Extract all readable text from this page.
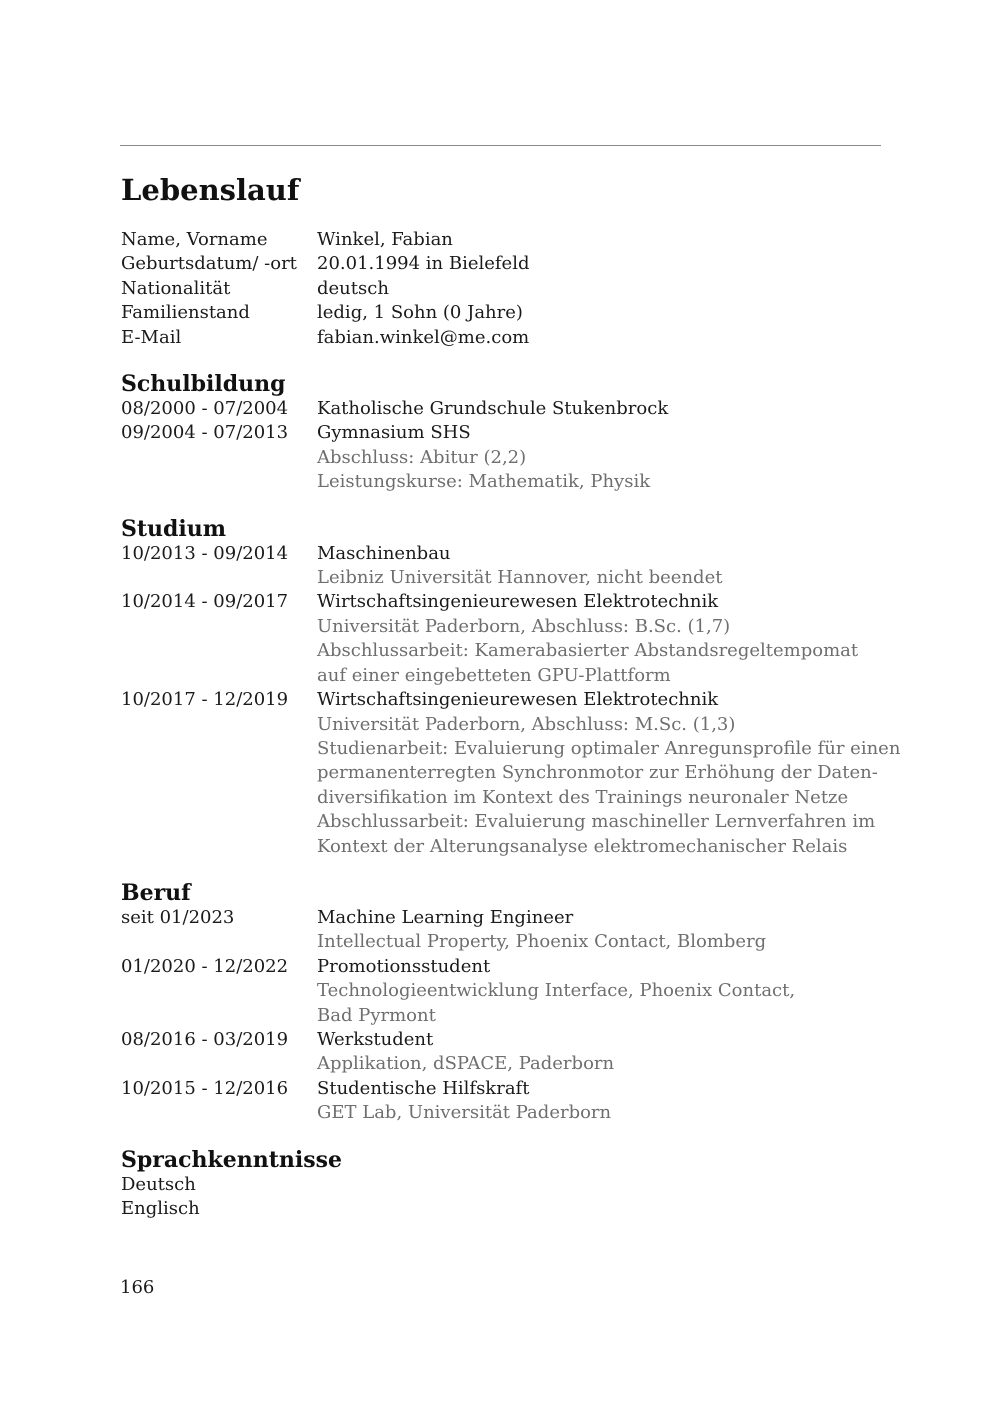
Lebenslauf
Name, Vorname	Winkel, Fabian
Geburtsdatum/ -ort	20.01.1994 in Bielefeld
Nationalität	deutsch
Familienstand	ledig, 1 Sohn (0 Jahre)
E-Mail	fabian.winkel@me.com
Schulbildung
08/2000 - 07/2004	Katholische Grundschule Stukenbrock
09/2004 - 07/2013	Gymnasium SHS
Abschluss: Abitur (2,2)
Leistungskurse: Mathematik, Physik
Studium
10/2013 - 09/2014	Maschinenbau
Leibniz Universität Hannover, nicht beendet
10/2014 - 09/2017	Wirtschaftsingenieurewesen Elektrotechnik
Universität Paderborn, Abschluss: B.Sc. (1,7)
Abschlussarbeit: Kamerabasierter Abstandsregeltempomat
auf einer eingebetteten GPU-Plattform
10/2017 - 12/2019	Wirtschaftsingenieurewesen Elektrotechnik
Universität Paderborn, Abschluss: M.Sc. (1,3)
Studienarbeit: Evaluierung optimaler Anregunsprofile für einen
permanenterregten Synchronmotor zur Erhöhung der Daten-
diversifikation im Kontext des Trainings neuronaler Netze
Abschlussarbeit: Evaluierung maschineller Lernverfahren im
Kontext der Alterungsanalyse elektromechanischer Relais
Beruf
seit 01/2023	Machine Learning Engineer
Intellectual Property, Phoenix Contact, Blomberg
01/2020 - 12/2022	Promotionsstudent
Technologieentwicklung Interface, Phoenix Contact,
Bad Pyrmont
08/2016 - 03/2019	Werkstudent
Applikation, dSPACE, Paderborn
10/2015 - 12/2016	Studentische Hilfskraft
GET Lab, Universität Paderborn
Sprachkenntnisse
Deutsch
Englisch
166
